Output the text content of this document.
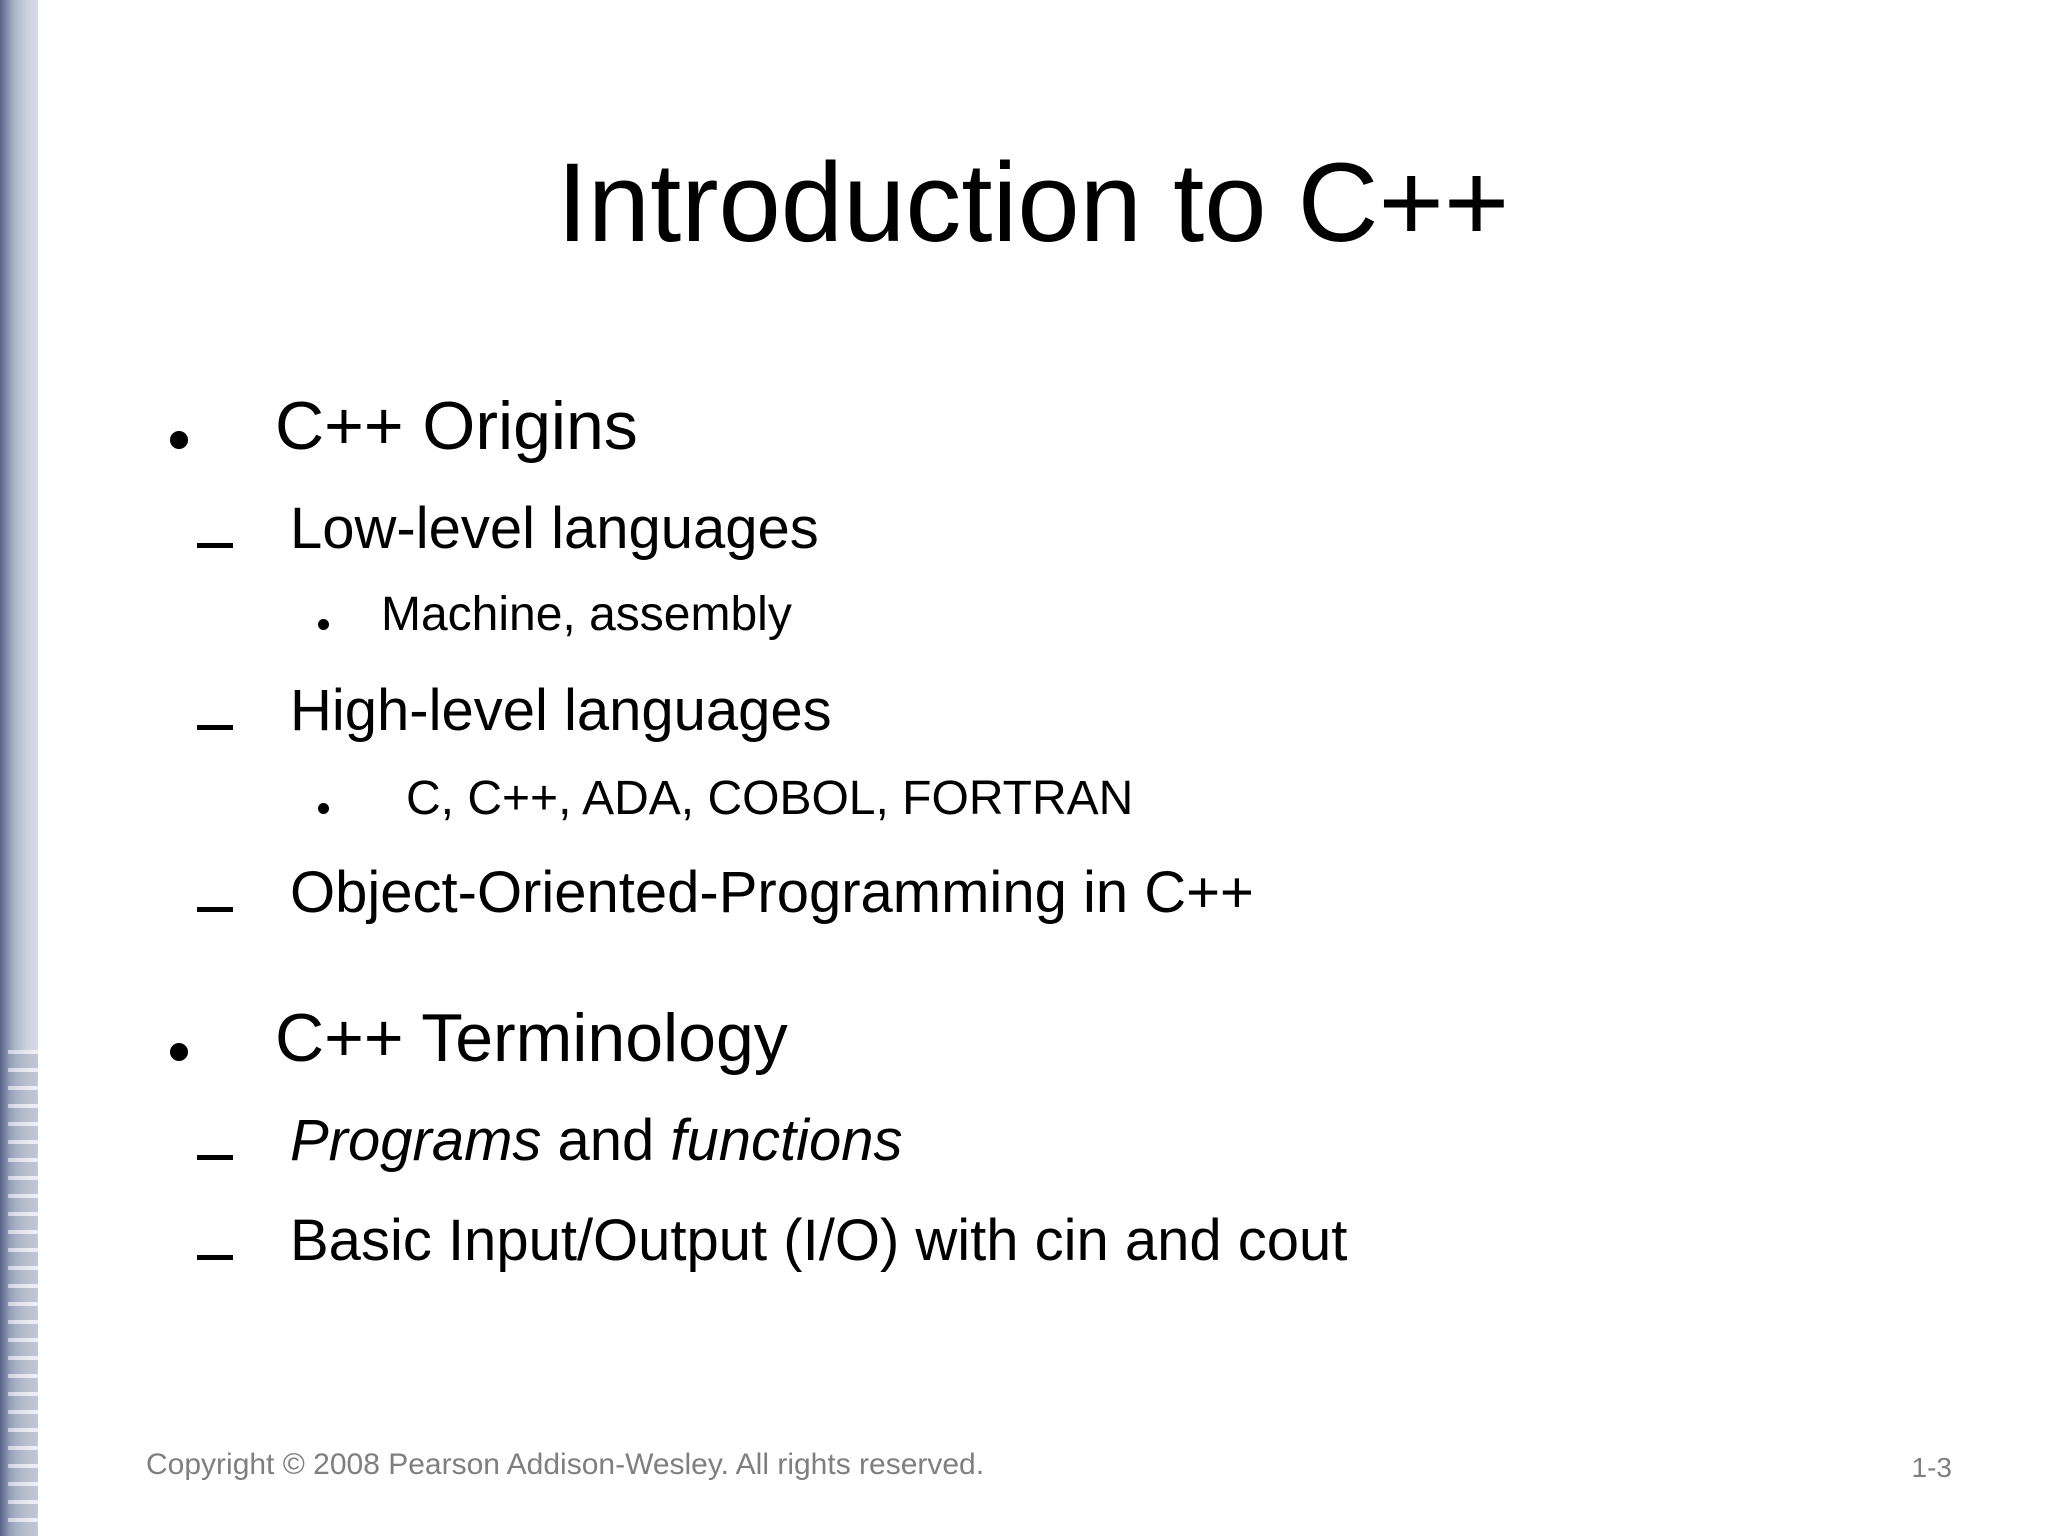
Introduction to C++
C++ Origins
Low-level languages
Machine, assembly
High-level languages
C, C++, ADA, COBOL, FORTRAN
Object-Oriented-Programming in C++
C++ Terminology
Programs and functions
Basic Input/Output (I/O) with cin and cout
Copyright © 2008 Pearson Addison-Wesley. All rights reserved.	1-3
